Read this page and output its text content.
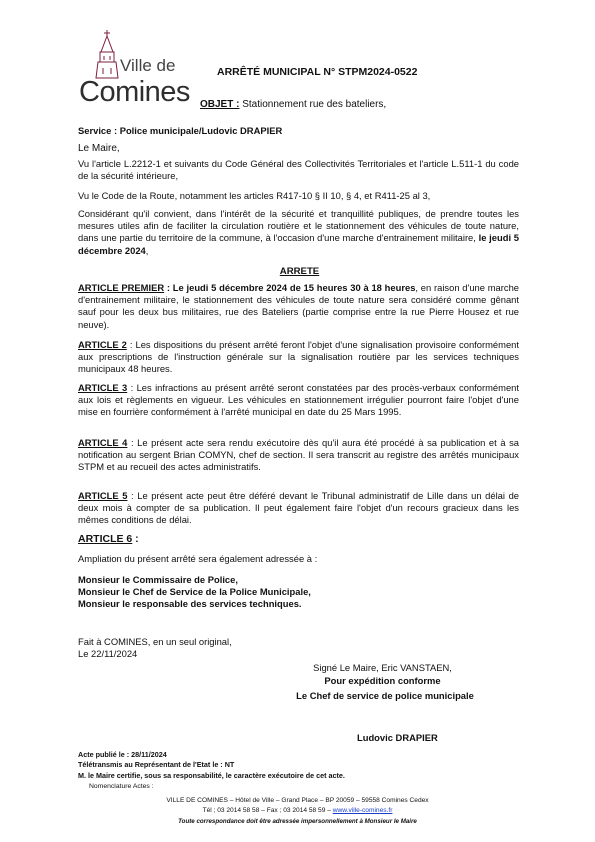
Ville de
Comines
ARRÊTÉ MUNICIPAL N° STPM2024-0522
OBJET : Stationnement rue des bateliers,
Service : Police municipale/Ludovic DRAPIER
Le Maire,
Vu l'article L.2212-1 et suivants du Code Général des Collectivités Territoriales et l'article L.511-1 du code de la sécurité intérieure,
Vu le Code de la Route, notamment les articles R417-10 § II 10, § 4, et R411-25 al 3,
Considérant qu'il convient, dans l'intérêt de la sécurité et tranquillité publiques, de prendre toutes les mesures utiles afin de faciliter la circulation routière et le stationnement des véhicules de toute nature, dans une partie du territoire de la commune, à l'occasion d'une marche d'entrainement militaire, le jeudi 5 décembre 2024,
ARRETE
ARTICLE PREMIER : Le jeudi 5 décembre 2024 de 15 heures 30 à 18 heures, en raison d'une marche d'entrainement militaire, le stationnement des véhicules de toute nature sera considéré comme gênant sauf pour les deux bus militaires, rue des Bateliers (partie comprise entre la rue Pierre Housez et rue neuve).
ARTICLE 2 : Les dispositions du présent arrêté feront l'objet d'une signalisation provisoire conformément aux prescriptions de l'instruction générale sur la signalisation routière par les services techniques municipaux 48 heures.
ARTICLE 3 : Les infractions au présent arrêté seront constatées par des procès-verbaux conformément aux lois et règlements en vigueur. Les véhicules en stationnement irrégulier pourront faire l'objet d'une mise en fourrière conformément à l'arrêté municipal en date du 25 Mars 1995.
ARTICLE 4 : Le présent acte sera rendu exécutoire dès qu'il aura été procédé à sa publication et à sa notification au sergent Brian COMYN, chef de section. Il sera transcrit au registre des arrêtés municipaux STPM et au recueil des actes administratifs.
ARTICLE 5 : Le présent acte peut être déféré devant le Tribunal administratif de Lille dans un délai de deux mois à compter de sa publication. Il peut également faire l'objet d'un recours gracieux dans les mêmes conditions de délai.
ARTICLE 6 :
Ampliation du présent arrêté sera également adressée à :
Monsieur le Commissaire de Police,
Monsieur le Chef de Service de la Police Municipale,
Monsieur le responsable des services techniques.
Fait à COMINES, en un seul original,
Le 22/11/2024
Signé Le Maire, Eric VANSTAEN,
Pour expédition conforme
Le Chef de service de police municipale
Ludovic DRAPIER
Acte publié le : 28/11/2024
Télétransmis au Représentant de l'Etat le : NT
M. le Maire certifie, sous sa responsabilité, le caractère exécutoire de cet acte.
Nomenclature Actes :
VILLE DE COMINES – Hôtel de Ville – Grand Place – BP 20059 – 59558 Comines Cedex
Tél ; 03 2014 58 58 – Fax ; 03 2014 58 59 – www.ville-comines.fr
Toute correspondance doit être adressée impersonnellement à Monsieur le Maire
